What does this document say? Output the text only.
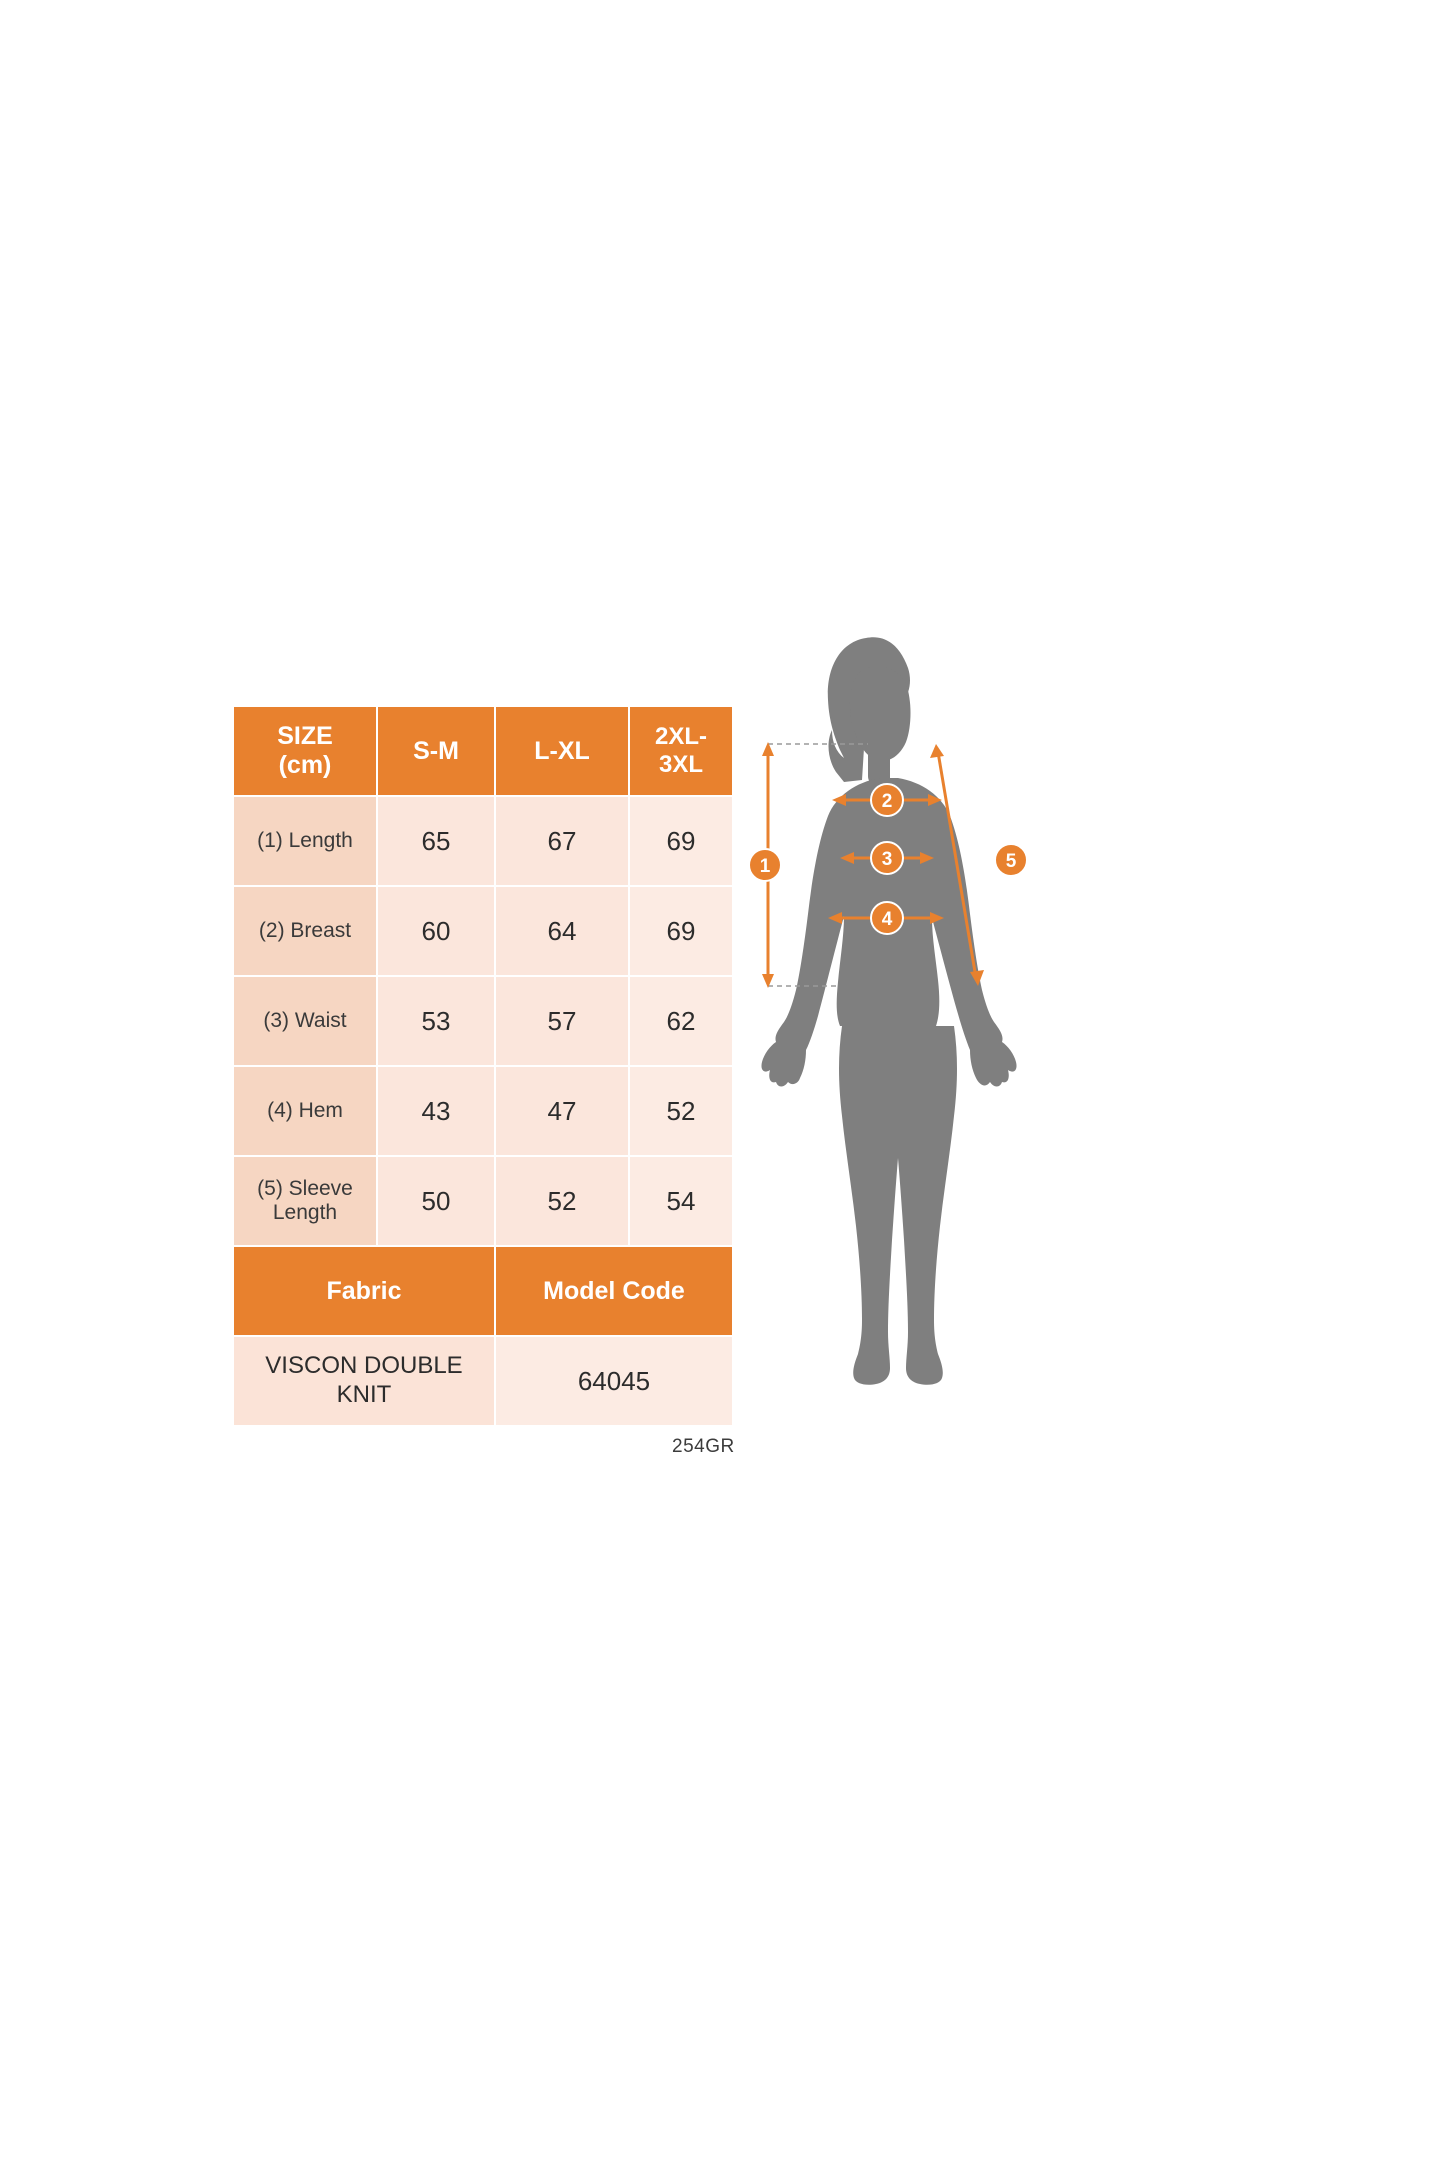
SIZE
(cm)
	S-M	L-XL	2XL-
3XL

(1) Length	65	67	69
(2) Breast	60	64	69
(3) Waist	53	57	62
(4) Hem	43	47	52

(5) Sleeve
Length	50	52	54
Fabric		Model Code	

VISCON DOUBLE
KNIT		64045	
254GR
1
2
3
4
5
